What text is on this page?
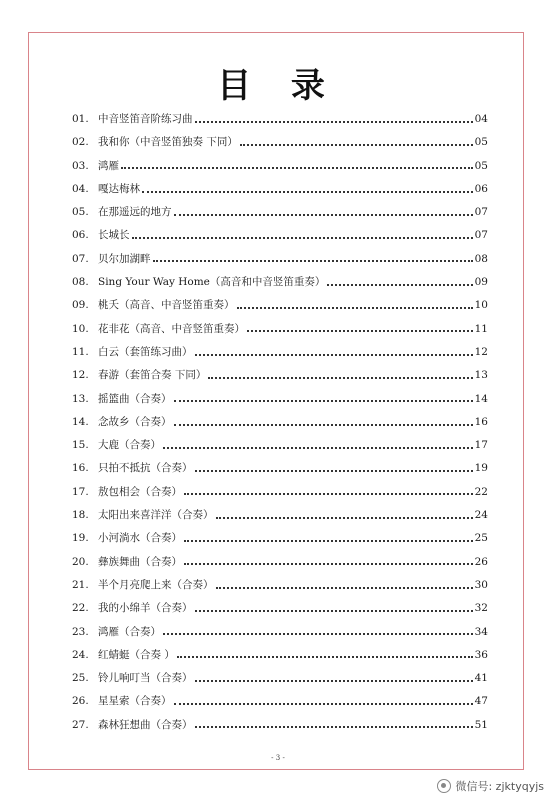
目 录
01. 中音竖笛音阶练习曲	04
02. 我和你（中音竖笛独奏 下同）	05
03. 鸿雁	05
04. 嘎达梅林	06
05. 在那遥远的地方	07
06. 长城长	07
07. 贝尔加湖畔	08
08. Sing Your Way Home（高音和中音竖笛重奏）	09
09. 桃夭（高音、中音竖笛重奏）	10
10. 花非花（高音、中音竖笛重奏）	11
11. 白云（套笛练习曲）	12
12. 春游（套笛合奏 下同）	13
13. 摇篮曲（合奏）	14
14. 念故乡（合奏）	16
15. 大鹿（合奏）	17
16. 只拍不抵抗（合奏）	19
17. 敖包相会（合奏）	22
18. 太阳出来喜洋洋（合奏）	24
19. 小河淌水（合奏）	25
20. 彝族舞曲（合奏）	26
21. 半个月亮爬上来（合奏）	30
22. 我的小绵羊（合奏）	32
23. 鸿雁（合奏）	34
24. 红蜻蜓（合奏 ）	36
25. 铃儿响叮当（合奏）	41
26. 星星索（合奏）	47
27. 森林狂想曲（合奏）	51
- 3 -
微信号: zjktyqyjs
